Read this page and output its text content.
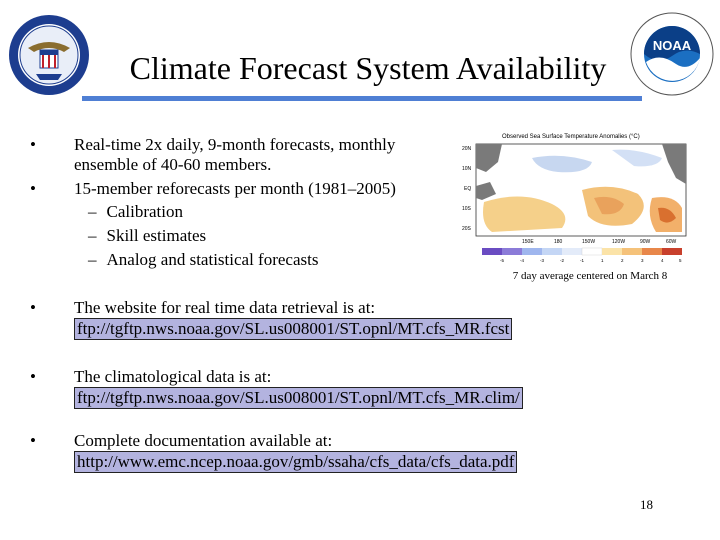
NOAA
Climate Forecast System Availability
• Real-time 2x daily, 9-month forecasts, monthly
ensemble of 40-60 members.
• 15-member reforecasts per month (1981–2005)
– Calibration
– Skill estimates
– Analog and statistical forecasts
Observed Sea Surface Temperature Anomalies (°C)
20N
10N
EQ
10S
20S
150E	180	150W	120W	90W	60W
-5	-4	-3	-2	-1	1	2	3	4	5
7 day average centered on March 8
• The website for real time data retrieval is at:
ftp://tgftp.nws.noaa.gov/SL.us008001/ST.opnl/MT.cfs_MR.fcst
• The climatological data is at:
ftp://tgftp.nws.noaa.gov/SL.us008001/ST.opnl/MT.cfs_MR.clim/
• Complete documentation available at:
http://www.emc.ncep.noaa.gov/gmb/ssaha/cfs_data/cfs_data.pdf
18
